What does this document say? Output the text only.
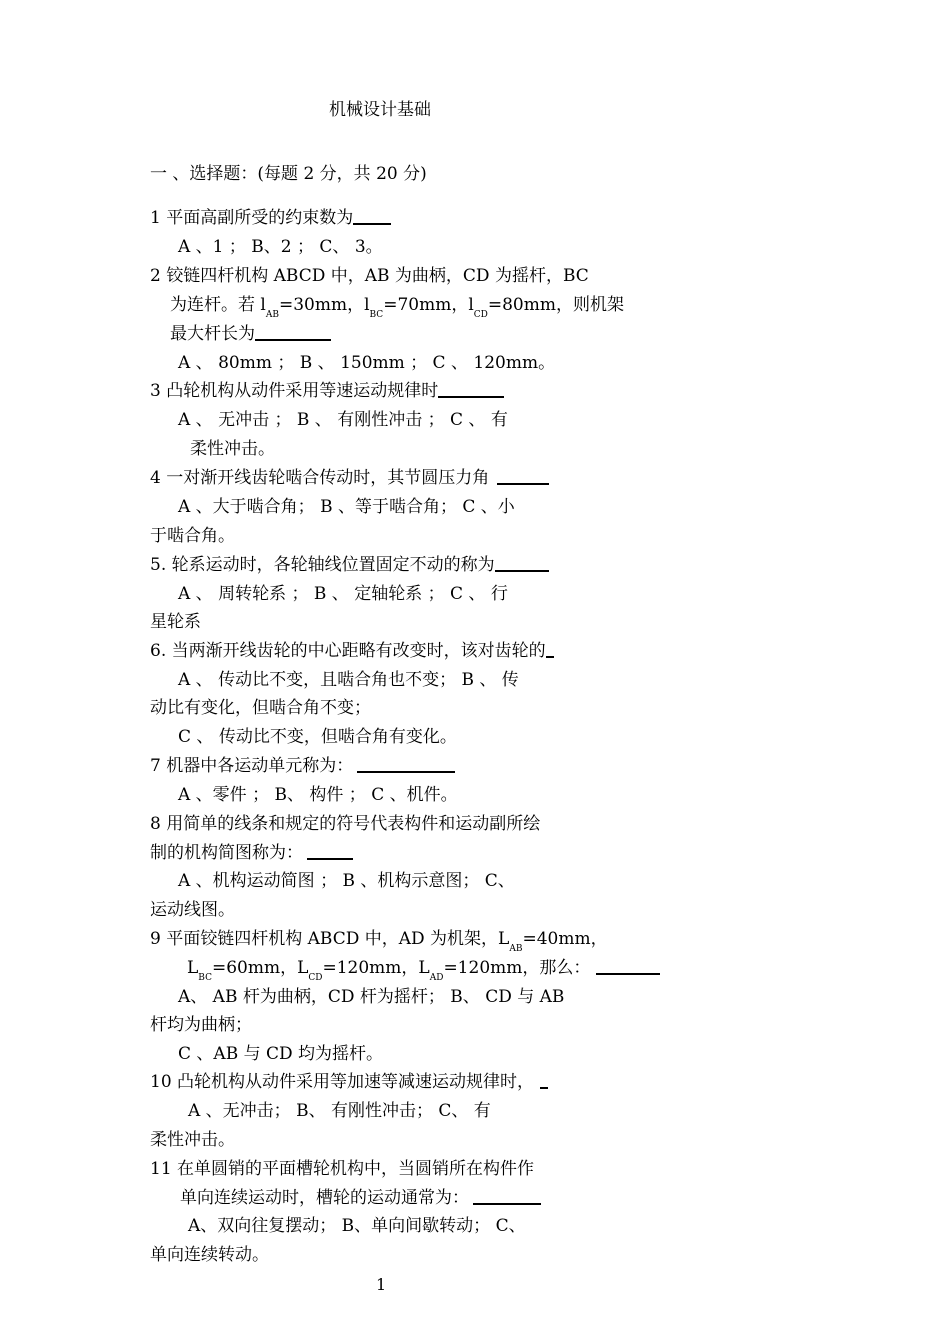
机械设计基础
一 、选择题：(每题 2 分，共 20 分)
1 平面高副所受的约束数为
A 、1 ； B、2 ； C、 3。
2 铰链四杆机构 ABCD 中，AB 为曲柄，CD 为摇杆，BC
为连杆。若 $l_{AB}=30mm$，$l_{BC}=70mm$，$l_{CD}=80mm$，则机架
最大杆长为
A 、 80mm ； B 、 150mm ； C 、 120mm。
3 凸轮机构从动件采用等速运动规律时
A 、 无冲击 ； B 、 有刚性冲击 ； C 、 有
柔性冲击。
4 一对渐开线齿轮啮合传动时，其节圆压力角
A 、大于啮合角； B 、等于啮合角； C 、小
于啮合角。
5. 轮系运动时，各轮轴线位置固定不动的称为
A 、 周转轮系 ； B 、 定轴轮系 ； C 、 行
星轮系
6. 当两渐开线齿轮的中心距略有改变时，该对齿轮的
A 、 传动比不变，且啮合角也不变； B 、 传
动比有变化，但啮合角不变；
C 、 传动比不变，但啮合角有变化。
7 机器中各运动单元称为：
A 、零件 ； B、 构件 ； C 、机件。
8 用简单的线条和规定的符号代表构件和运动副所绘
制的机构简图称为：
A 、机构运动简图 ； B 、机构示意图； C、
运动线图。
9 平面铰链四杆机构 ABCD 中，AD 为机架，$L_{AB}=40mm$，
$L_{BC}=60mm$，$L_{CD}=120mm$，$L_{AD}=120mm$，那么：
A、 AB 杆为曲柄，CD 杆为摇杆； B、 CD 与 AB
杆均为曲柄；
C 、AB 与 CD 均为摇杆。
10 凸轮机构从动件采用等加速等减速运动规律时，
A 、无冲击； B、 有刚性冲击； C、 有
柔性冲击。
11 在单圆销的平面槽轮机构中，当圆销所在构件作
单向连续运动时，槽轮的运动通常为：
A、双向往复摆动； B、单向间歇转动； C、
单向连续转动。
1
